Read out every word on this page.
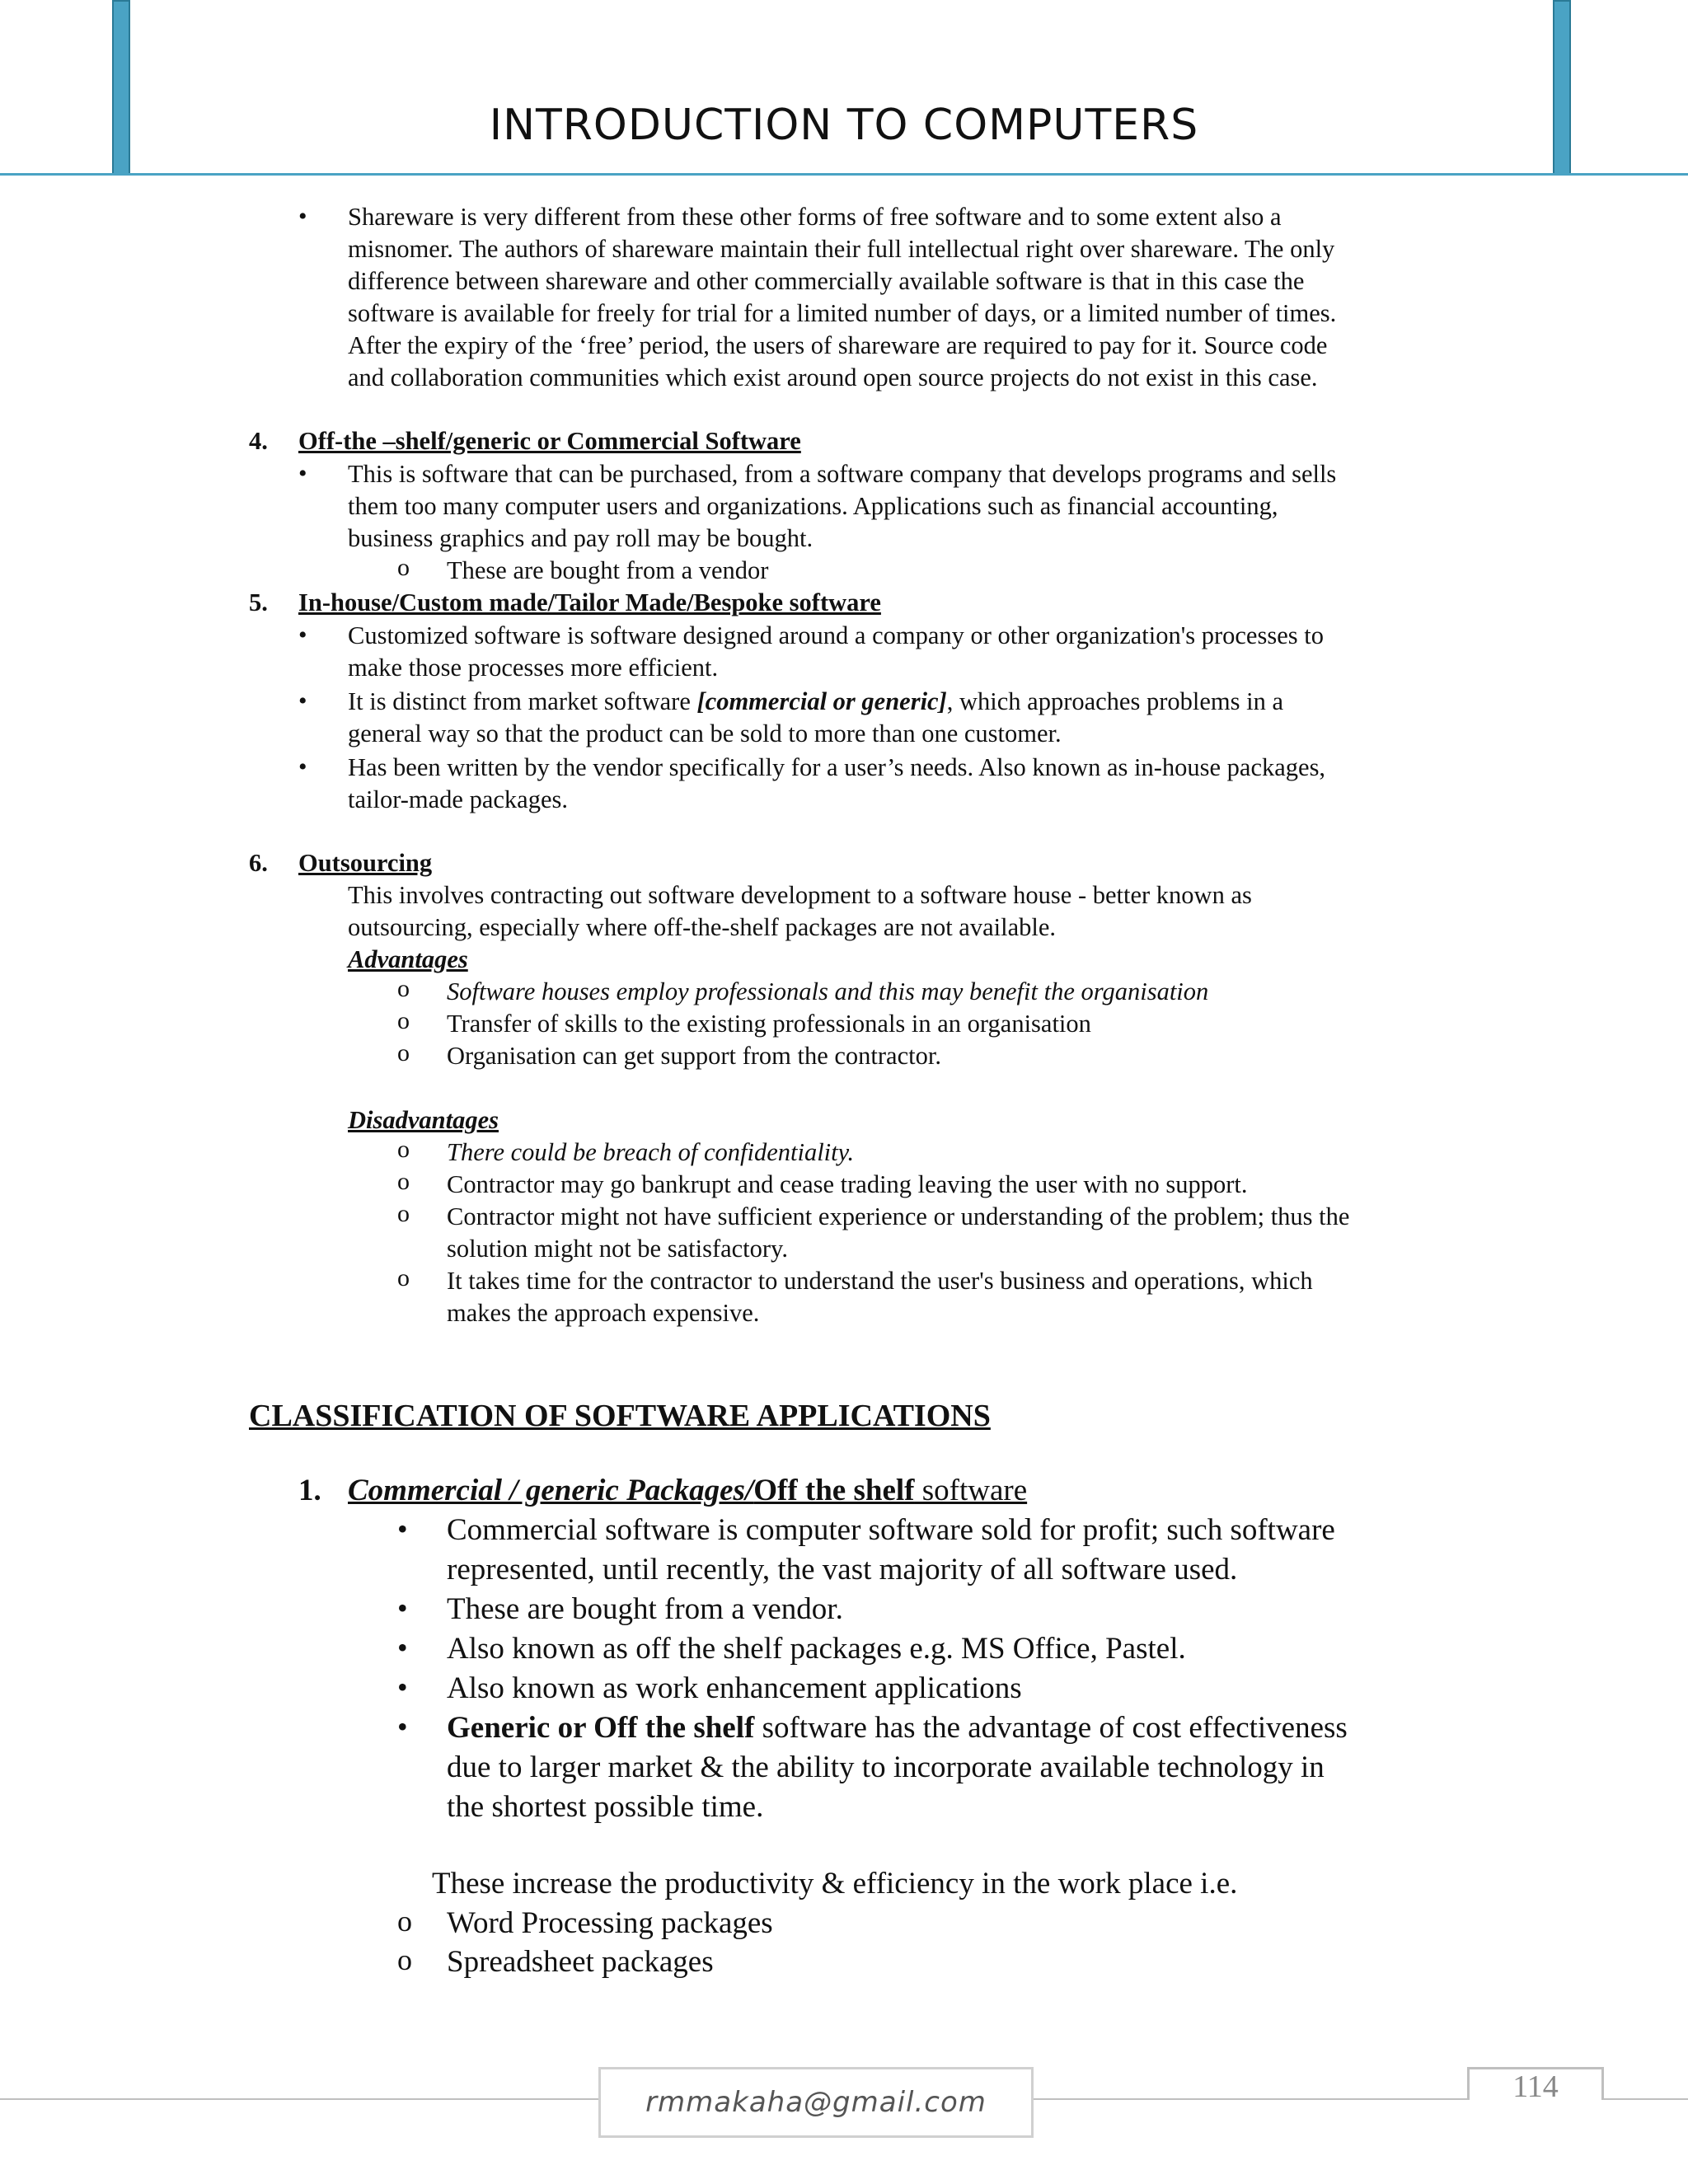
INTRODUCTION TO COMPUTERS
• Shareware is very different from these other forms of free software and to some extent also a
misnomer. The authors of shareware maintain their full intellectual right over shareware. The only
difference between shareware and other commercially available software is that in this case the
software is available for freely for trial for a limited number of days, or a limited number of times.
After the expiry of the ‘free’ period, the users of shareware are required to pay for it. Source code
and collaboration communities which exist around open source projects do not exist in this case.
4. Off-the –shelf/generic or Commercial Software
• This is software that can be purchased, from a software company that develops programs and sells
them too many computer users and organizations. Applications such as financial accounting,
business graphics and pay roll may be bought.
o These are bought from a vendor
5. In-house/Custom made/Tailor Made/Bespoke software
• Customized software is software designed around a company or other organization's processes to
make those processes more efficient.
• It is distinct from market software [commercial or generic], which approaches problems in a
general way so that the product can be sold to more than one customer.
• Has been written by the vendor specifically for a user’s needs. Also known as in-house packages,
tailor-made packages.
6. Outsourcing
This involves contracting out software development to a software house - better known as
outsourcing, especially where off-the-shelf packages are not available.
Advantages
o Software houses employ professionals and this may benefit the organisation
o Transfer of skills to the existing professionals in an organisation
o Organisation can get support from the contractor.
Disadvantages
o There could be breach of confidentiality.
o Contractor may go bankrupt and cease trading leaving the user with no support.
o Contractor might not have sufficient experience or understanding of the problem; thus the
solution might not be satisfactory.
o It takes time for the contractor to understand the user's business and operations, which
makes the approach expensive.
CLASSIFICATION OF SOFTWARE APPLICATIONS
1. Commercial / generic Packages/Off the shelf software
• Commercial software is computer software sold for profit; such software
represented, until recently, the vast majority of all software used.
• These are bought from a vendor.
• Also known as off the shelf packages e.g. MS Office, Pastel.
• Also known as work enhancement applications
• Generic or Off the shelf software has the advantage of cost effectiveness
due to larger market & the ability to incorporate available technology in
the shortest possible time.
These increase the productivity & efficiency in the work place i.e.
o Word Processing packages
o Spreadsheet packages
rmmakaha@gmail.com	114
